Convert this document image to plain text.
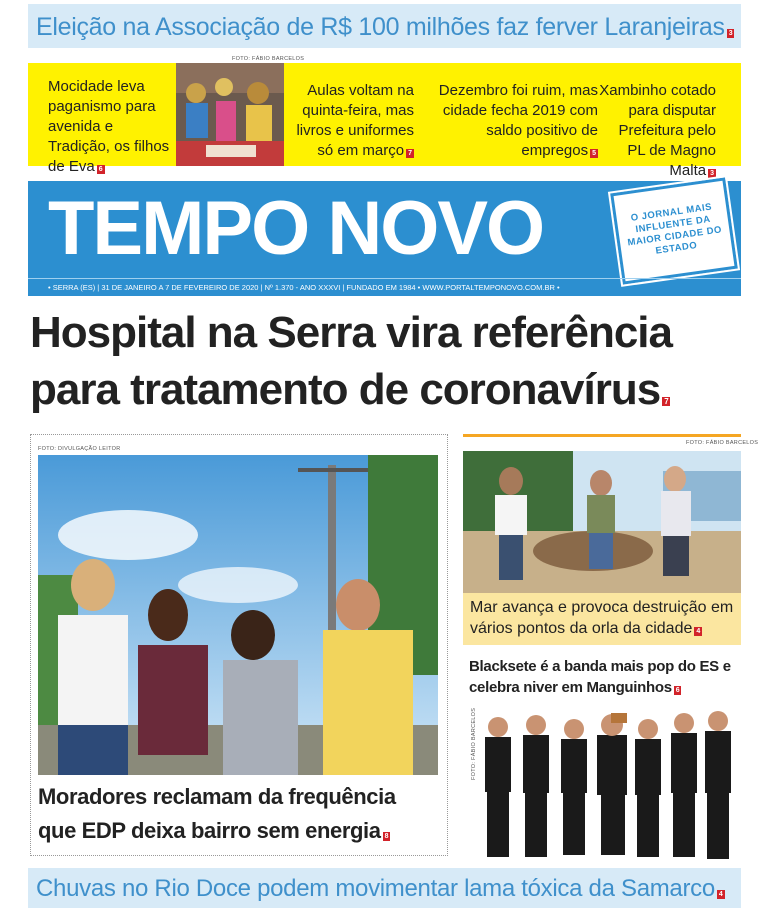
Eleição na Associação de R$ 100 milhões faz ferver Laranjeiras 3
Mocidade leva paganismo para avenida e Tradição, os filhos de Eva 6
FOTO: FÁBIO BARCELOS
Aulas voltam na quinta-feira, mas livros e uniformes só em março 7
Dezembro foi ruim, mas cidade fecha 2019 com saldo positivo de empregos 5
Xambinho cotado para disputar Prefeitura pelo PL de Magno Malta 3
TEMPO NOVO	O JORNAL MAIS INFLUENTE DA MAIOR CIDADE DO ESTADO
• SERRA (ES) | 31 DE JANEIRO A 7 DE FEVEREIRO DE 2020 | Nº 1.370 - ANO XXXVI | FUNDADO EM 1984 • WWW.PORTALTEMPONOVO.COM.BR •
Hospital na Serra vira referência
para tratamento de coronavírus 7
FOTO: DIVULGAÇÃO LEITOR
Moradores reclamam da frequência
que EDP deixa bairro sem energia 8
FOTO: FÁBIO BARCELOS
Mar avança e provoca destruição em vários pontos da orla da cidade 4
Blacksete é a banda mais pop do ES e celebra niver em Manguinhos 6
FOTO: FÁBIO BARCELOS
Chuvas no Rio Doce podem movimentar lama tóxica da Samarco 4
